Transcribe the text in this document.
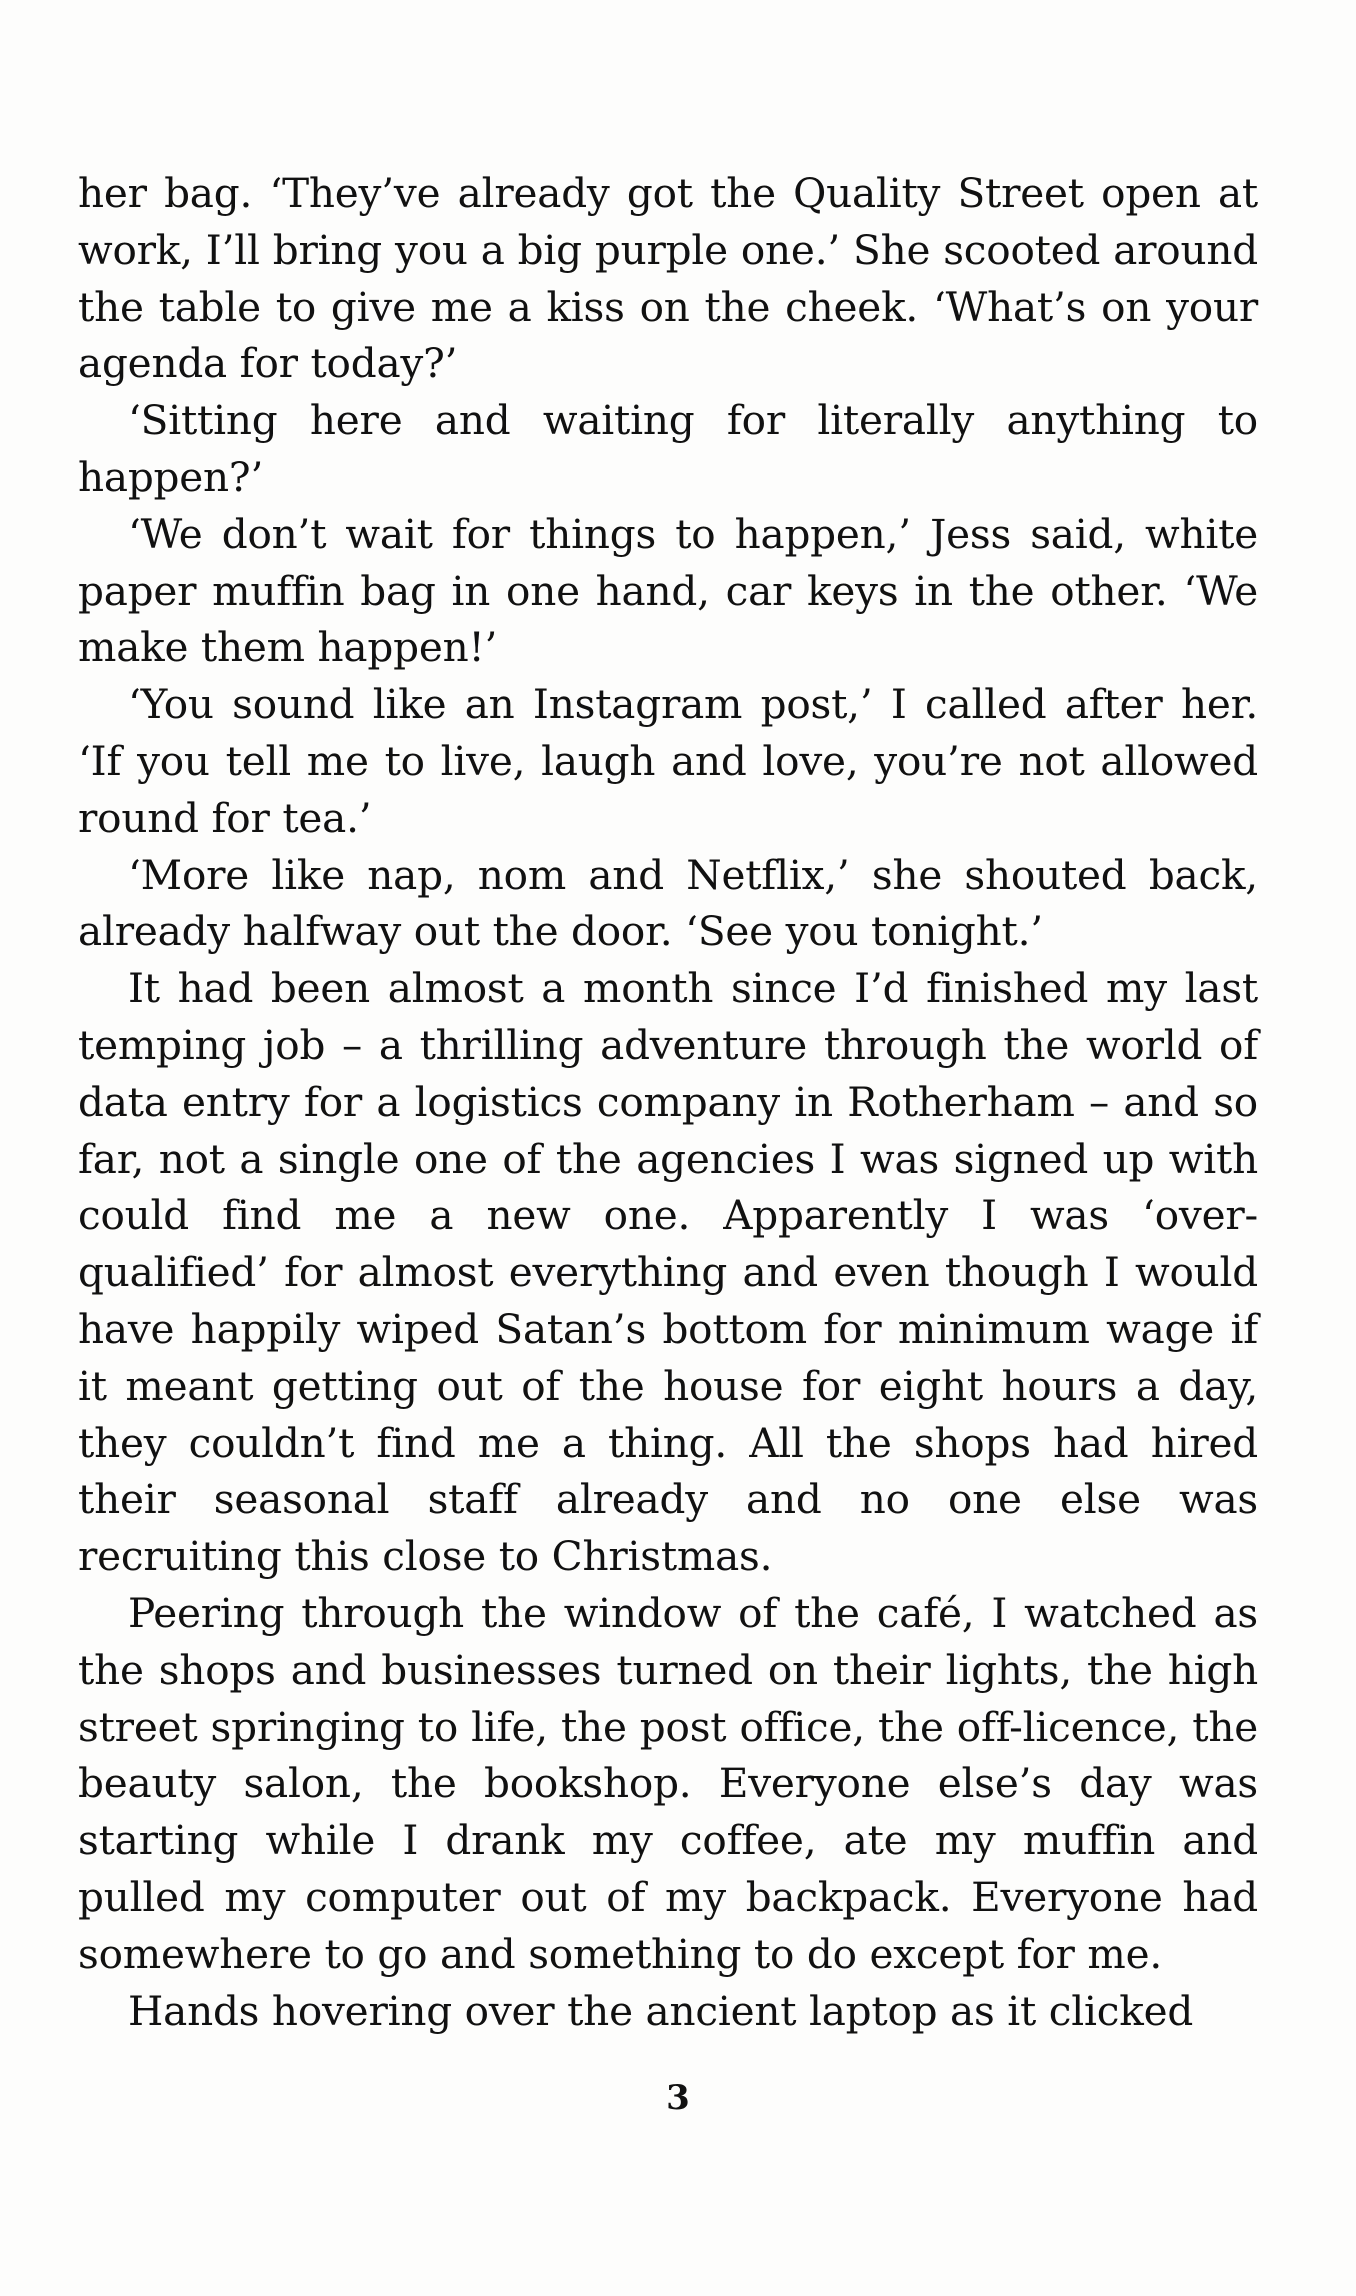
her bag. ‘They’ve already got the Quality Street open at work, I’ll bring you a big purple one.’ She scooted around the table to give me a kiss on the cheek. ‘What’s on your agenda for today?’

‘Sitting here and waiting for literally anything to happen?’

‘We don’t wait for things to happen,’ Jess said, white paper muffin bag in one hand, car keys in the other. ‘We make them happen!’

‘You sound like an Instagram post,’ I called after her. ‘If you tell me to live, laugh and love, you’re not allowed round for tea.’

‘More like nap, nom and Netflix,’ she shouted back, already halfway out the door. ‘See you tonight.’

It had been almost a month since I’d finished my last temping job – a thrilling adventure through the world of data entry for a logistics company in Rotherham – and so far, not a single one of the agencies I was signed up with could find me a new one. Apparently I was ‘over-qualified’ for almost everything and even though I would have happily wiped Satan’s bottom for minimum wage if it meant getting out of the house for eight hours a day, they couldn’t find me a thing. All the shops had hired their seasonal staff already and no one else was recruiting this close to Christmas.

Peering through the window of the café, I watched as the shops and businesses turned on their lights, the high street springing to life, the post office, the off-licence, the beauty salon, the bookshop. Everyone else’s day was starting while I drank my coffee, ate my muffin and pulled my computer out of my backpack. Everyone had somewhere to go and something to do except for me.

Hands hovering over the ancient laptop as it clicked

3
